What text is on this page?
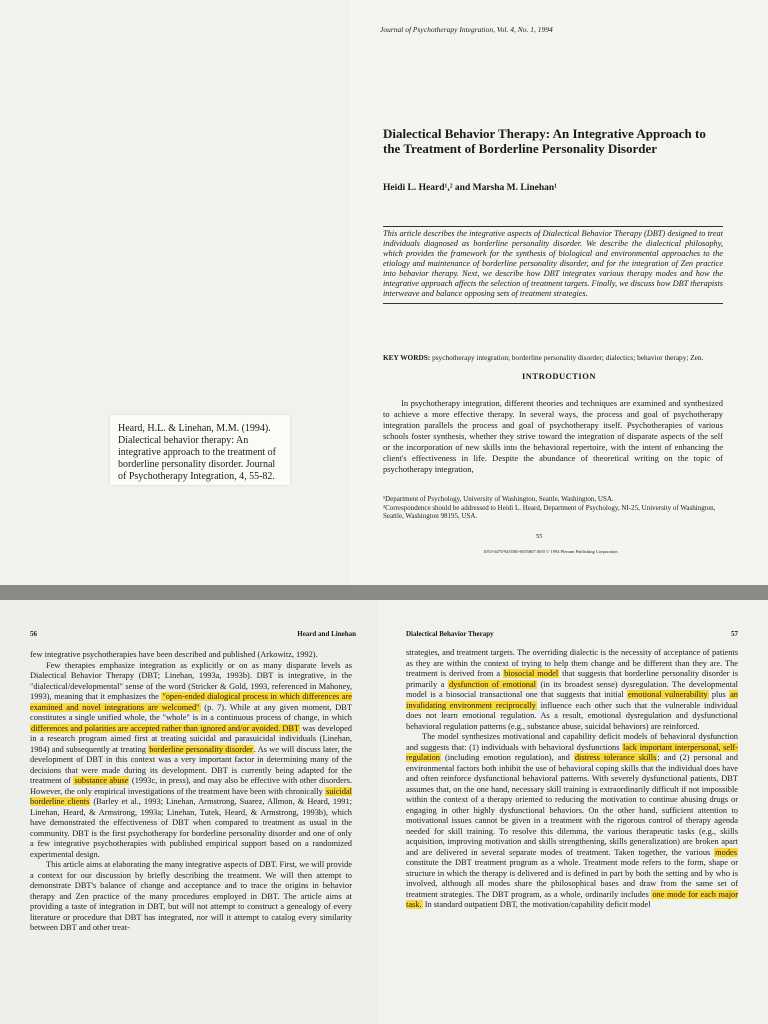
Heard, H.L. & Linehan, M.M. (1994). Dialectical behavior therapy: An integrative approach to the treatment of borderline personality disorder. Journal of Psychotherapy Integration, 4, 55-82.
Journal of Psychotherapy Integration, Vol. 4, No. 1, 1994
Dialectical Behavior Therapy: An Integrative Approach to the Treatment of Borderline Personality Disorder
Heidi L. Heard¹,² and Marsha M. Linehan¹
This article describes the integrative aspects of Dialectical Behavior Therapy (DBT) designed to treat individuals diagnosed as borderline personality disorder. We describe the dialectical philosophy, which provides the framework for the synthesis of biological and environmental approaches to the etiology and maintenance of borderline personality disorder, and for the integration of Zen practice into behavior therapy. Next, we describe how DBT integrates various therapy modes and how the integrative approach affects the selection of treatment targets. Finally, we discuss how DBT therapists interweave and balance opposing sets of treatment strategies.
KEY WORDS: psychotherapy integration; borderline personality disorder; dialectics; behavior therapy; Zen.
INTRODUCTION
In psychotherapy integration, different theories and techniques are examined and synthesized to achieve a more effective therapy. In several ways, the process and goal of psychotherapy integration parallels the process and goal of psychotherapy itself. Psychotherapies of various schools foster synthesis, whether they strive toward the integration of disparate aspects of the self or the incorporation of new skills into the behavioral repertoire, with the intent of enhancing the client's effectiveness in life. Despite the abundance of theoretical writing on the topic of psychotherapy integration,
¹Department of Psychology, University of Washington, Seattle, Washington, USA.
²Correspondence should be addressed to Heidi L. Heard, Department of Psychology, NI-25, University of Washington, Seattle, Washington 98195, USA.
55
1053-0479/94/0300-0055$07.00/0 © 1994 Plenum Publishing Corporation
56	Heard and Linehan

few integrative psychotherapies have been described and published (Arkowitz, 1992).

Few therapies emphasize integration as explicitly or on as many disparate levels as Dialectical Behavior Therapy (DBT; Linehan, 1993a, 1993b). DBT is integrative, in the "dialectical/developmental" sense of the word (Stricker & Gold, 1993, referenced in Mahoney, 1993), meaning that it emphasizes the "open-ended dialogical process in which differences are examined and novel integrations are welcomed" (p. 7). While at any given moment, DBT constitutes a single unified whole, the "whole" is in a continuous process of change, in which differences and polarities are accepted rather than ignored and/or avoided. DBT was developed in a research program aimed first at treating suicidal and parasuicidal individuals (Linehan, 1984) and subsequently at treating borderline personality disorder. As we will discuss later, the development of DBT in this context was a very important factor in determining many of the decisions that were made during its development. DBT is currently being adapted for the treatment of substance abuse (1993c, in press), and may also be effective with other disorders. However, the only empirical investigations of the treatment have been with chronically suicidal borderline clients (Barley et al., 1993; Linehan, Armstrong, Suarez, Allmon, & Heard, 1991; Linehan, Heard, & Armstrong, 1993a; Linehan, Tutek, Heard, & Armstrong, 1993b), which have demonstrated the effectiveness of DBT when compared to treatment as usual in the community. DBT is the first psychotherapy for borderline personality disorder and one of only a few integrative psychotherapies with published empirical support based on a randomized experimental design.

This article aims at elaborating the many integrative aspects of DBT. First, we will provide a context for our discussion by briefly describing the treatment. We will then attempt to demonstrate DBT's balance of change and acceptance and to trace the origins in behavior therapy and Zen practice of the many procedures employed in DBT. The article aims at providing a taste of integration in DBT, but will not attempt to construct a genealogy of every literature or procedure that DBT has integrated, nor will it attempt to catalog every similarity between DBT and other treat-

Dialectical Behavior Therapy	57

strategies, and treatment targets. The overriding dialectic is the necessity of acceptance of patients as they are within the context of trying to help them change and be different than they are. The treatment is derived from a biosocial model that suggests that borderline personality disorder is primarily a dysfunction of emotional (in its broadest sense) dysregulation. The developmental model is a biosocial transactional one that suggests that initial emotional vulnerability plus an invalidating environment reciprocally influence each other such that the vulnerable individual does not learn emotional regulation. As a result, emotional dysregulation and dysfunctional behavioral regulation patterns (e.g., substance abuse, suicidal behaviors) are reinforced.

The model synthesizes motivational and capability deficit models of behavioral dysfunction and suggests that: (1) individuals with behavioral dysfunctions lack important interpersonal, self-regulation (including emotion regulation), and distress tolerance skills; and (2) personal and environmental factors both inhibit the use of behavioral coping skills that the individual does have and often reinforce dysfunctional behavioral patterns. With severely dysfunctional patients, DBT assumes that, on the one hand, necessary skill training is extraordinarily difficult if not impossible within the context of a therapy oriented to reducing the motivation to continue abusing drugs or engaging in other highly dysfunctional behaviors. On the other hand, sufficient attention to motivational issues cannot be given in a treatment with the rigorous control of therapy agenda needed for skill training. To resolve this dilemma, the various therapeutic tasks (e.g., skills acquisition, improving motivation and skills strengthening, skills generalization) are broken apart and are delivered in several separate modes of treatment. Taken together, the various modes constitute the DBT treatment program as a whole. Treatment mode refers to the form, shape or structure in which the therapy is delivered and is defined in part by both the setting and by who is involved, although all modes share the philosophical bases and draw from the same set of treatment strategies. The DBT program, as a whole, ordinarily includes one mode for each major task. In standard outpatient DBT, the motivation/capability deficit model
